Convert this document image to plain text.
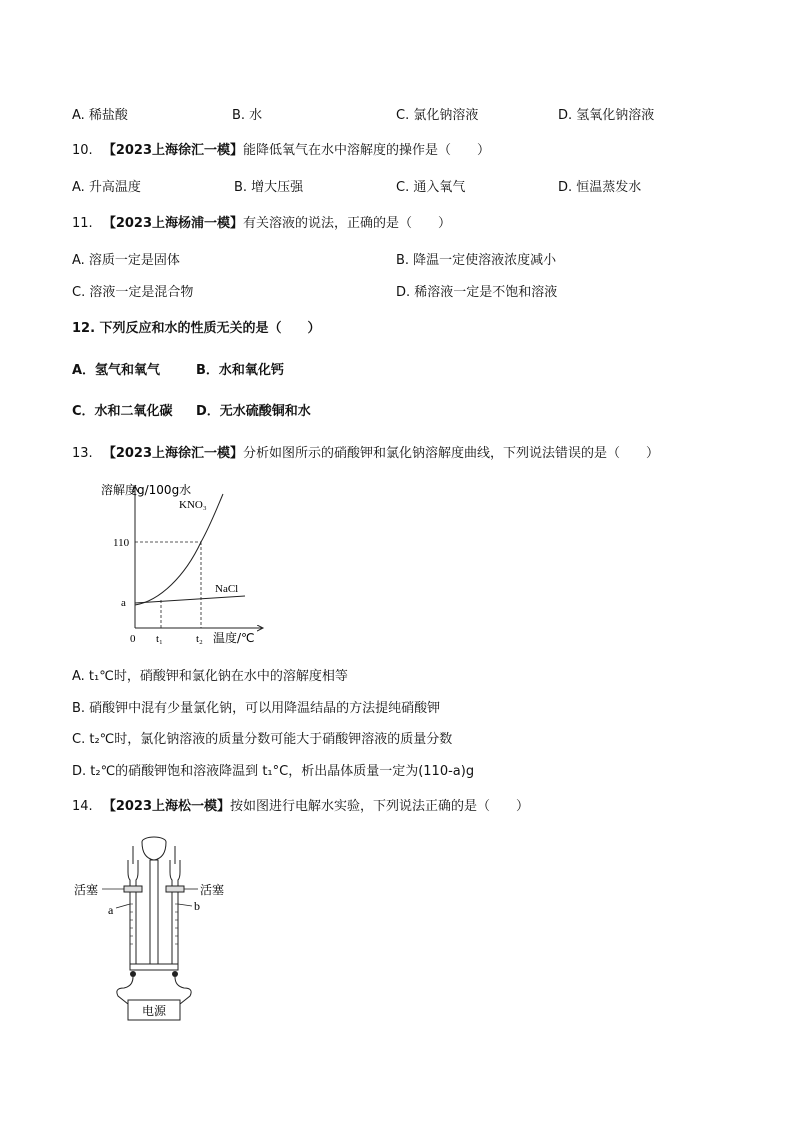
A. 稀盐酸	B. 水	C. 氯化钠溶液	D. 氢氧化钠溶液
10. 【2023上海徐汇一模】能降低氧气在水中溶解度的操作是（　　）
A. 升高温度	B. 增大压强	C. 通入氧气	D. 恒温蒸发水
11. 【2023上海杨浦一模】有关溶液的说法，正确的是（　　）
A. 溶质一定是固体	B. 降温一定使溶液浓度减小
C. 溶液一定是混合物	D. 稀溶液一定是不饱和溶液
12. 下列反应和水的性质无关的是（　　）
A．氢气和氧气	B．水和氧化钙
C．水和二氧化碳 D．无水硫酸铜和水
13. 【2023上海徐汇一模】分析如图所示的硝酸钾和氯化钠溶解度曲线，下列说法错误的是（　　）
溶解度g/100g水
KNO₃
NaCl
110
a
0 t₁	t₂ 温度/℃
A. t₁℃时，硝酸钾和氯化钠在水中的溶解度相等
B. 硝酸钾中混有少量氯化钠，可以用降温结晶的方法提纯硝酸钾
C. t₂℃时，氯化钠溶液的质量分数可能大于硝酸钾溶液的质量分数
D. t₂℃的硝酸钾饱和溶液降温到 t₁°C，析出晶体质量一定为(110-a)g
14. 【2023上海松一模】按如图进行电解水实验，下列说法正确的是（　　）
活塞	活塞
a	b
电源
